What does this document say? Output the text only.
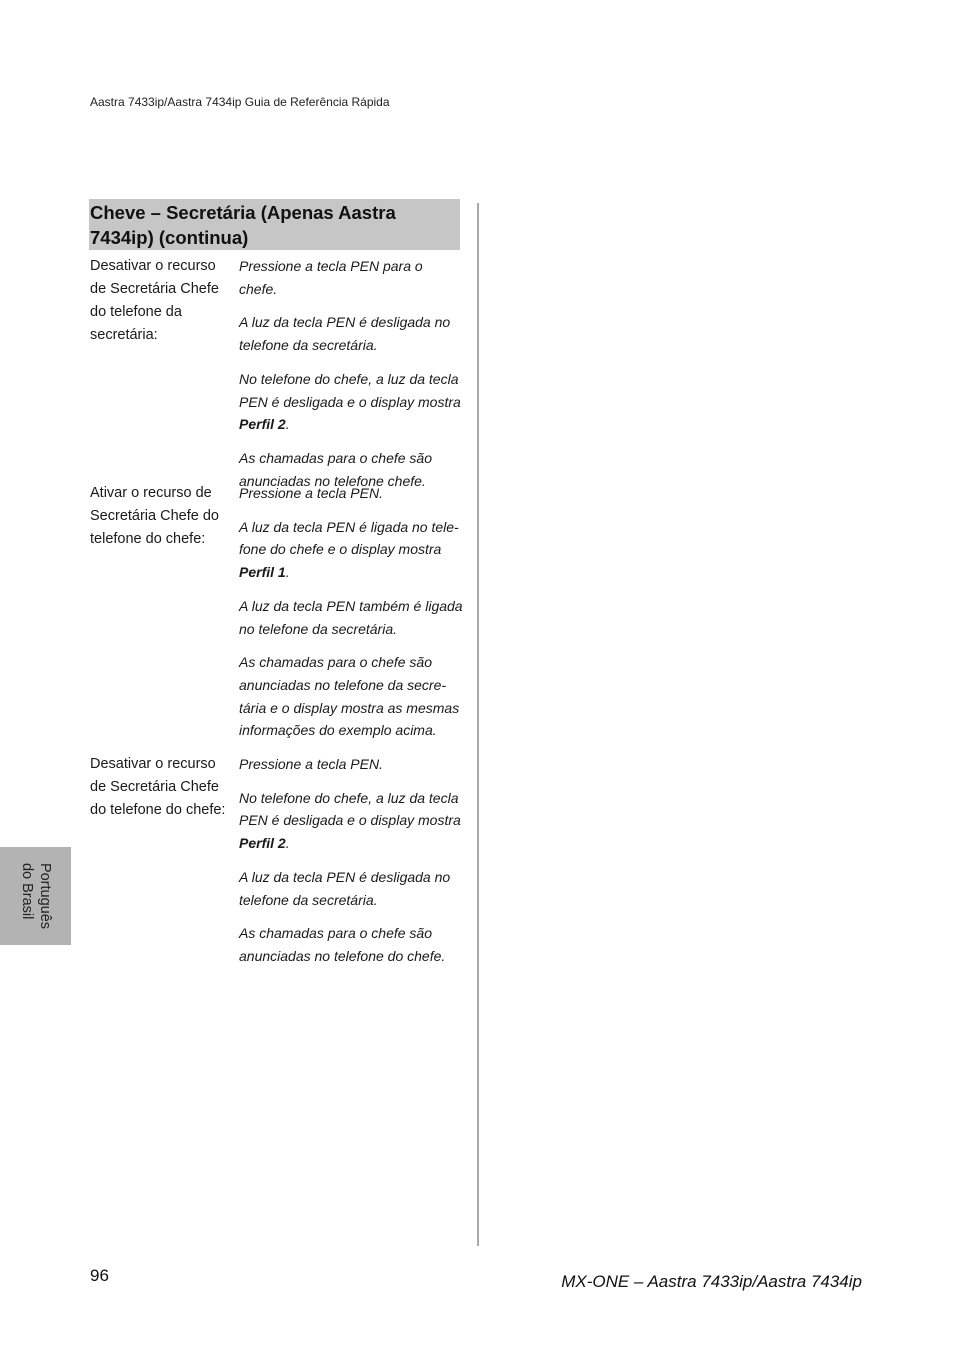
Aastra 7433ip/Aastra 7434ip Guia de Referência Rápida
Cheve – Secretária (Apenas Aastra
7434ip) (continua)
Desativar o recurso de Secretária Chefe do telefone da secretária:
Pressione a tecla PEN para o chefe.
A luz da tecla PEN é desligada no telefone da secretária.
No telefone do chefe, a luz da tecla PEN é desligada e o display mostra Perfil 2.
As chamadas para o chefe são anunciadas no telefone chefe.
Ativar o recurso de Secretária Chefe do telefone do chefe:
Pressione a tecla PEN.
A luz da tecla PEN é ligada no tele-fone do chefe e o display mostra Perfil 1.
A luz da tecla PEN também é ligada no telefone da secretária.
As chamadas para o chefe são anunciadas no telefone da secre-tária e o display mostra as mesmas informações do exemplo acima.
Desativar o recurso de Secretária Chefe do telefone do chefe:
Pressione a tecla PEN.
No telefone do chefe, a luz da tecla PEN é desligada e o display mostra Perfil 2.
A luz da tecla PEN é desligada no telefone da secretária.
As chamadas para o chefe são anunciadas no telefone do chefe.
Português
do Brasil
96	MX-ONE – Aastra 7433ip/Aastra 7434ip
